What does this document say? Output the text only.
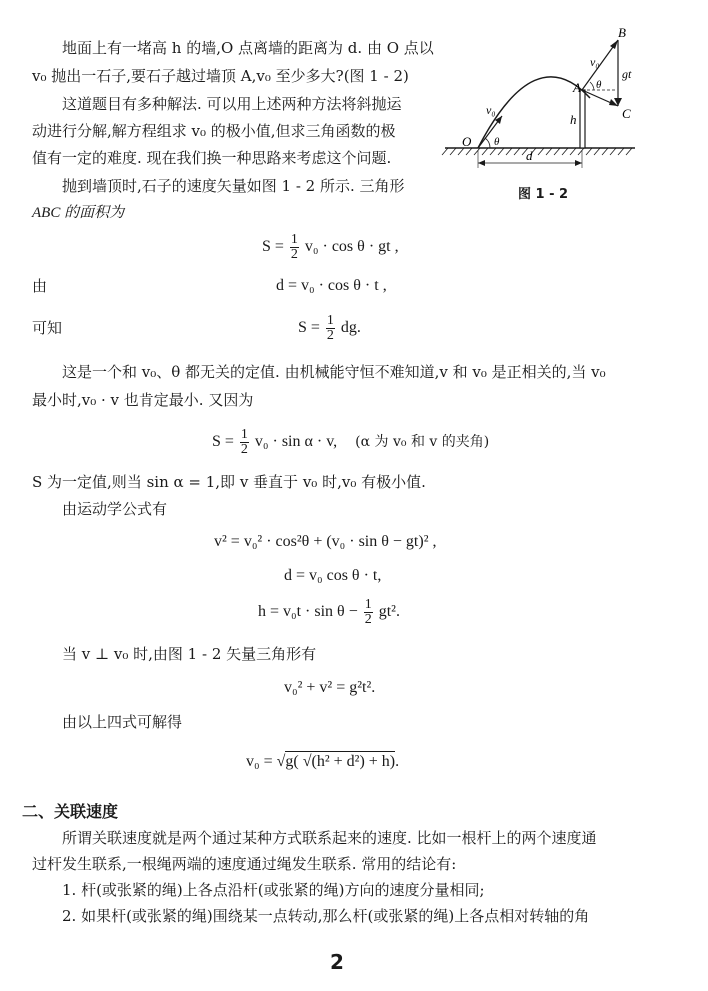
地面上有一堵高 h 的墙,O 点离墙的距离为 d. 由 O 点以
v₀ 抛出一石子,要石子越过墙顶 A,v₀ 至少多大?(图 1 - 2)
这道题目有多种解法. 可以用上述两种方法将斜抛运
动进行分解,解方程组求 v₀ 的极小值,但求三角函数的极
值有一定的难度. 现在我们换一种思路来考虑这个问题.
抛到墙顶时,石子的速度矢量如图 1 - 2 所示. 三角形
ABC 的面积为
B
A
C
O
v₀
v₀
gt
θ
θ
h
d
图 1 - 2
$S = \frac{1}{2} v_0 \cdot \cos \theta$ · gt ,
由	d = v₀ · cos θ · t ,
可知	$S = \frac{1}{2}$ dg.
这是一个和 v₀、θ 都无关的定值. 由机械能守恒不难知道,v 和 v₀ 是正相关的,当 v₀
最小时,v₀ · v 也肯定最小. 又因为
$S = \frac{1}{2} v_0 \cdot \sin \alpha \cdot v$, (α 为 v₀ 和 v 的夹角)
S 为一定值,则当 sin α = 1,即 v 垂直于 v₀ 时,v₀ 有极小值.
由运动学公式有
v² = v₀² · cos²θ + (v₀ · sin θ − gt)² ,
d = v₀ cos θ · t,
$h = v_0t \cdot \sin \theta - \frac{1}{2} gt^2$.
当 v ⊥ v₀ 时,由图 1 - 2 矢量三角形有
v₀² + v² = g²t².
由以上四式可解得
v₀ = √g( √(h² + d²) + h).
二、关联速度
所谓关联速度就是两个通过某种方式联系起来的速度. 比如一根杆上的两个速度通
过杆发生联系,一根绳两端的速度通过绳发生联系. 常用的结论有:
1. 杆(或张紧的绳)上各点沿杆(或张紧的绳)方向的速度分量相同;
2. 如果杆(或张紧的绳)围绕某一点转动,那么杆(或张紧的绳)上各点相对转轴的角
2
